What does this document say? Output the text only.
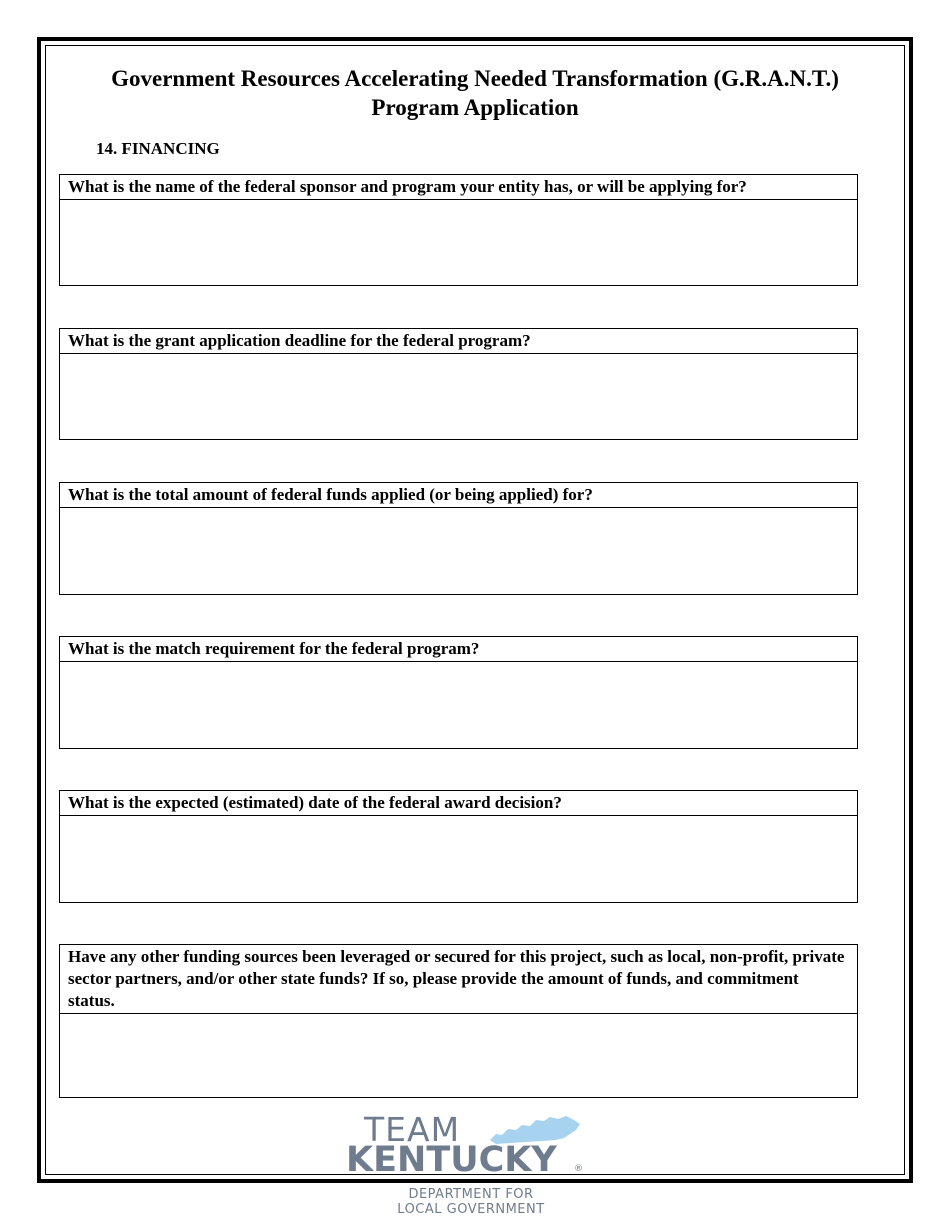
Government Resources Accelerating Needed Transformation (G.R.A.N.T.)
Program Application
14. FINANCING
What is the name of the federal sponsor and program your entity has, or will be applying for?
What is the grant application deadline for the federal program?
What is the total amount of federal funds applied (or being applied) for?
What is the match requirement for the federal program?
What is the expected (estimated) date of the federal award decision?
Have any other funding sources been leveraged or secured for this project, such as local, non-profit, private sector partners, and/or other state funds? If so, please provide the amount of funds, and commitment status.
TEAM
KENTUCKY ®
DEPARTMENT FOR
LOCAL GOVERNMENT
